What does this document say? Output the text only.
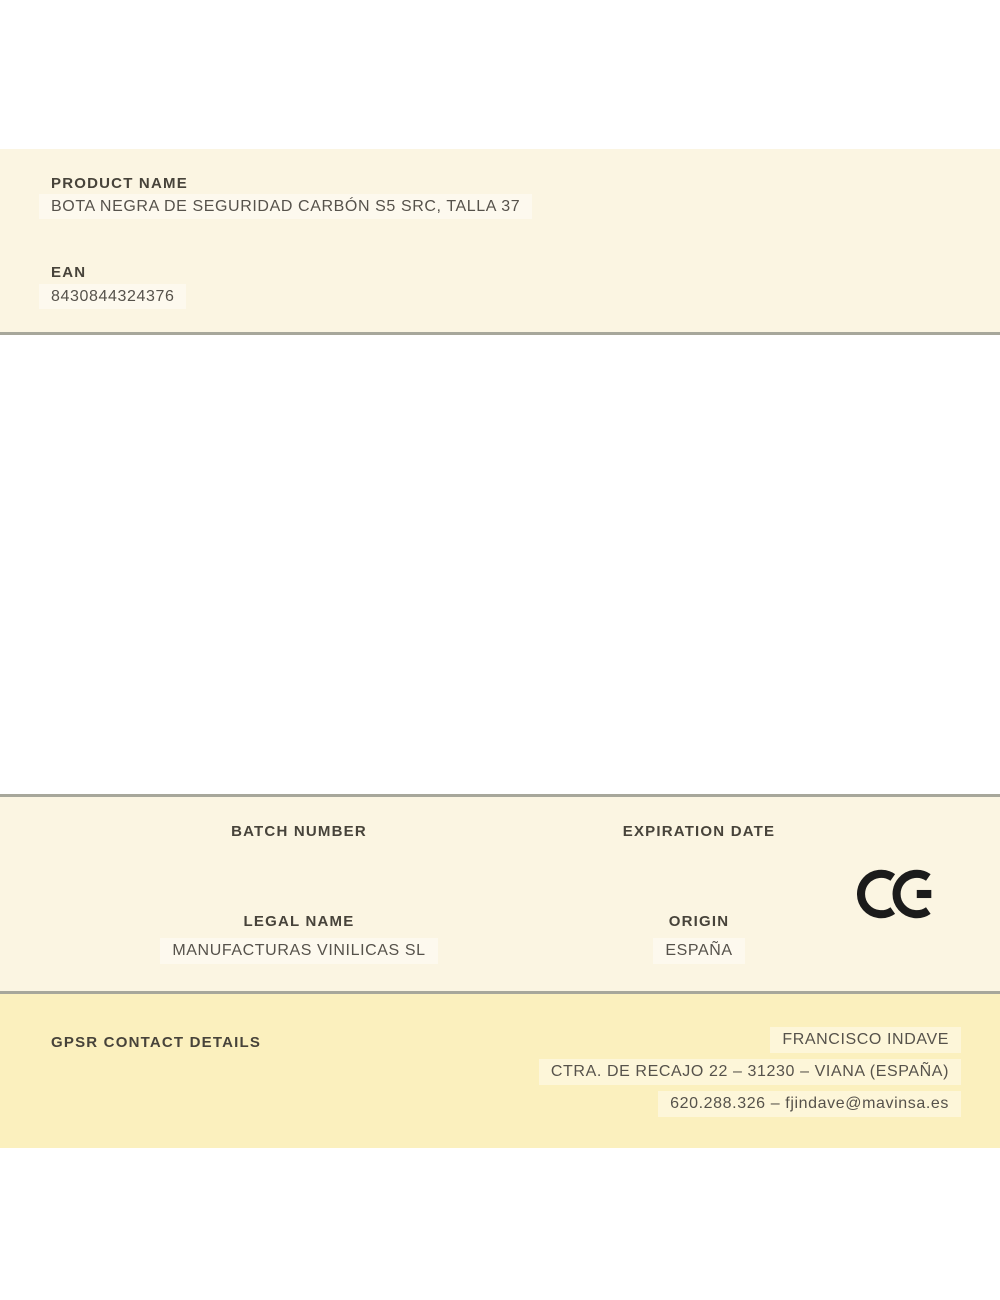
PRODUCT NAME
BOTA NEGRA DE SEGURIDAD CARBÓN S5 SRC, TALLA 37
EAN
8430844324376
BATCH NUMBER
LEGAL NAME
MANUFACTURAS VINILICAS SL
EXPIRATION DATE
ORIGIN
ESPAÑA
GPSR CONTACT DETAILS	FRANCISCO INDAVE
CTRA. DE RECAJO 22 – 31230 – VIANA (ESPAÑA)
620.288.326 – fjindave@mavinsa.es
